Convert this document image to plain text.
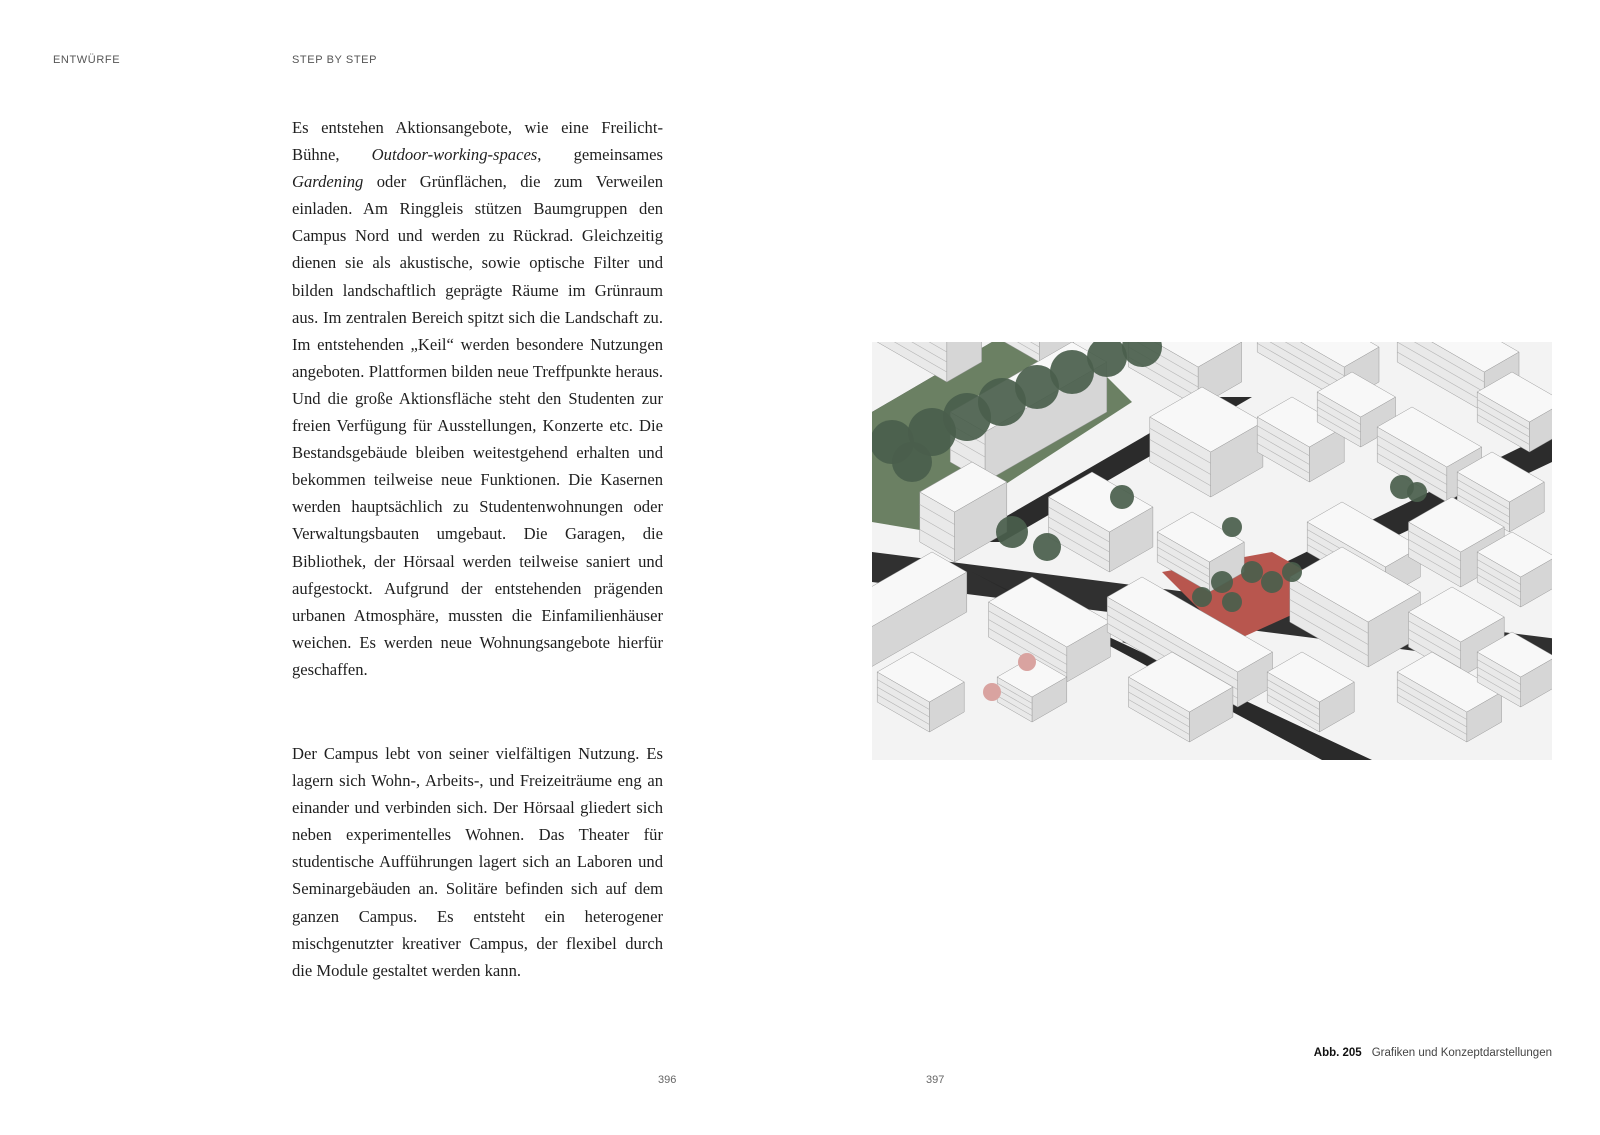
ENTWÜRFE	STEP BY STEP

Es entstehen Aktionsangebote, wie eine Freilicht-Bühne, Outdoor-working-spaces, gemeinsames Gardening oder Grünflächen, die zum Verweilen einladen. Am Ringgleis stützen Baumgruppen den Campus Nord und werden zu Rückrad. Gleichzeitig dienen sie als akustische, sowie optische Filter und bilden landschaftlich geprägte Räume im Grünraum aus. Im zentralen Bereich spitzt sich die Landschaft zu. Im entstehenden „Keil“ werden besondere Nutzungen angeboten. Plattformen bilden neue Treffpunkte heraus. Und die große Aktionsfläche steht den Studenten zur freien Verfügung für Ausstellungen, Konzerte etc. Die Bestandsgebäude bleiben weitestgehend erhalten und bekommen teilweise neue Funktionen. Die Kasernen werden hauptsächlich zu Studentenwohnungen oder Verwaltungsbauten umgebaut. Die Garagen, die Bibliothek, der Hörsaal werden teilweise saniert und aufgestockt. Aufgrund der entstehenden prägenden urbanen Atmosphäre, mussten die Einfamilienhäuser weichen. Es werden neue Wohnungsangebote hierfür geschaffen.

Der Campus lebt von seiner vielfältigen Nutzung. Es lagern sich Wohn-, Arbeits-, und Freizeiträume eng an einander und verbinden sich. Der Hörsaal gliedert sich neben experimentelles Wohnen. Das Theater für studentische Aufführungen lagert sich an Laboren und Seminargebäuden an. Solitäre befinden sich auf dem ganzen Campus. Es entsteht ein heterogener mischgenutzter kreativer Campus, der flexibel durch die Module gestaltet werden kann.

Abb. 205 Grafiken und Konzeptdarstellungen
396	397
